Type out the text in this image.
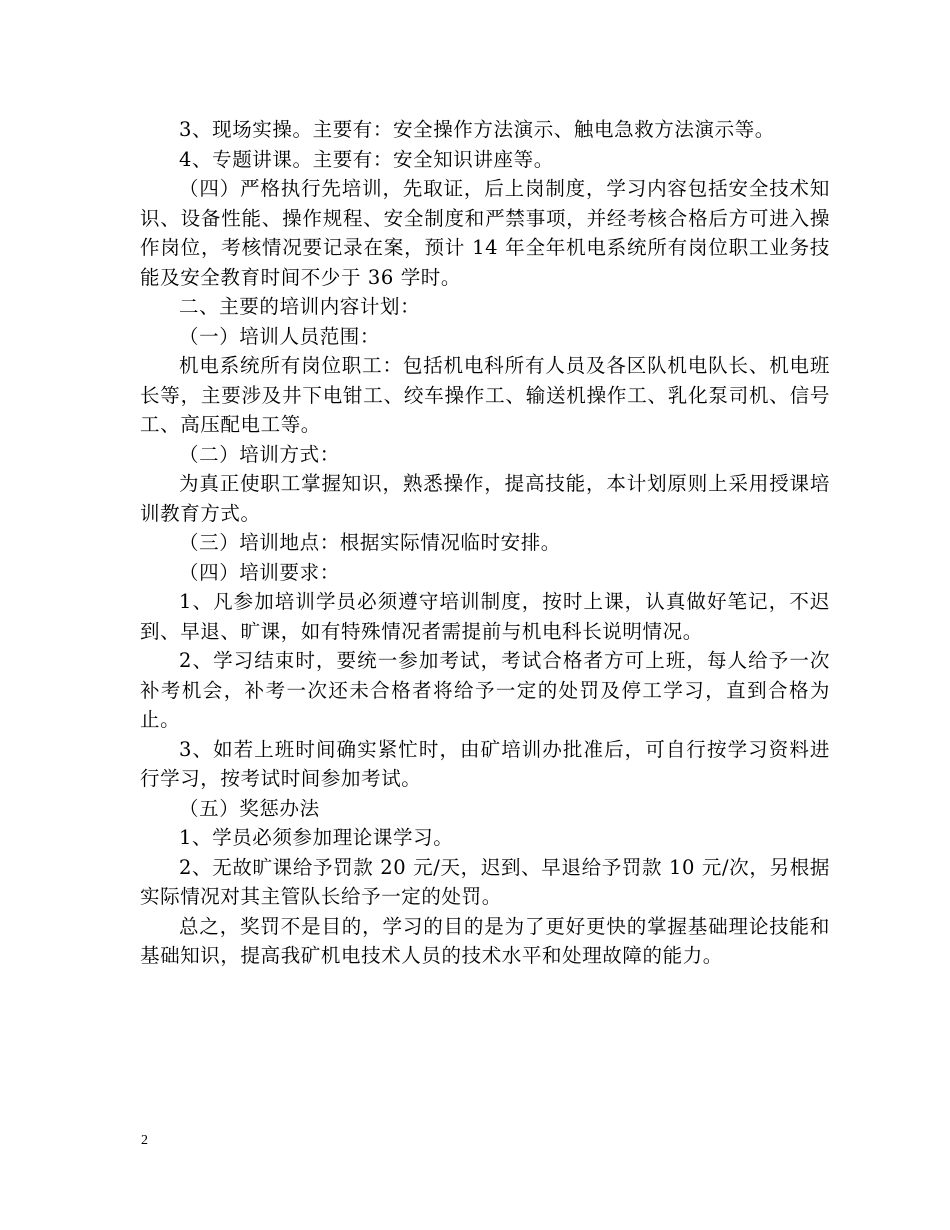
3、现场实操。主要有：安全操作方法演示、触电急救方法演示等。

4、专题讲课。主要有：安全知识讲座等。

（四）严格执行先培训，先取证，后上岗制度，学习内容包括安全技术知识、设备性能、操作规程、安全制度和严禁事项，并经考核合格后方可进入操作岗位，考核情况要记录在案，预计 14 年全年机电系统所有岗位职工业务技能及安全教育时间不少于 36 学时。

二、主要的培训内容计划：

（一）培训人员范围：

机电系统所有岗位职工：包括机电科所有人员及各区队机电队长、机电班长等，主要涉及井下电钳工、绞车操作工、输送机操作工、乳化泵司机、信号工、高压配电工等。

（二）培训方式：

为真正使职工掌握知识，熟悉操作，提高技能，本计划原则上采用授课培训教育方式。

（三）培训地点：根据实际情况临时安排。

（四）培训要求：

1、凡参加培训学员必须遵守培训制度，按时上课，认真做好笔记，不迟到、早退、旷课，如有特殊情况者需提前与机电科长说明情况。

2、学习结束时，要统一参加考试，考试合格者方可上班，每人给予一次补考机会，补考一次还未合格者将给予一定的处罚及停工学习，直到合格为止。

3、如若上班时间确实紧忙时，由矿培训办批准后，可自行按学习资料进行学习，按考试时间参加考试。

（五）奖惩办法

1、学员必须参加理论课学习。

2、无故旷课给予罚款 20 元/天，迟到、早退给予罚款 10 元/次，另根据实际情况对其主管队长给予一定的处罚。

总之，奖罚不是目的，学习的目的是为了更好更快的掌握基础理论技能和基础知识，提高我矿机电技术人员的技术水平和处理故障的能力。

2
